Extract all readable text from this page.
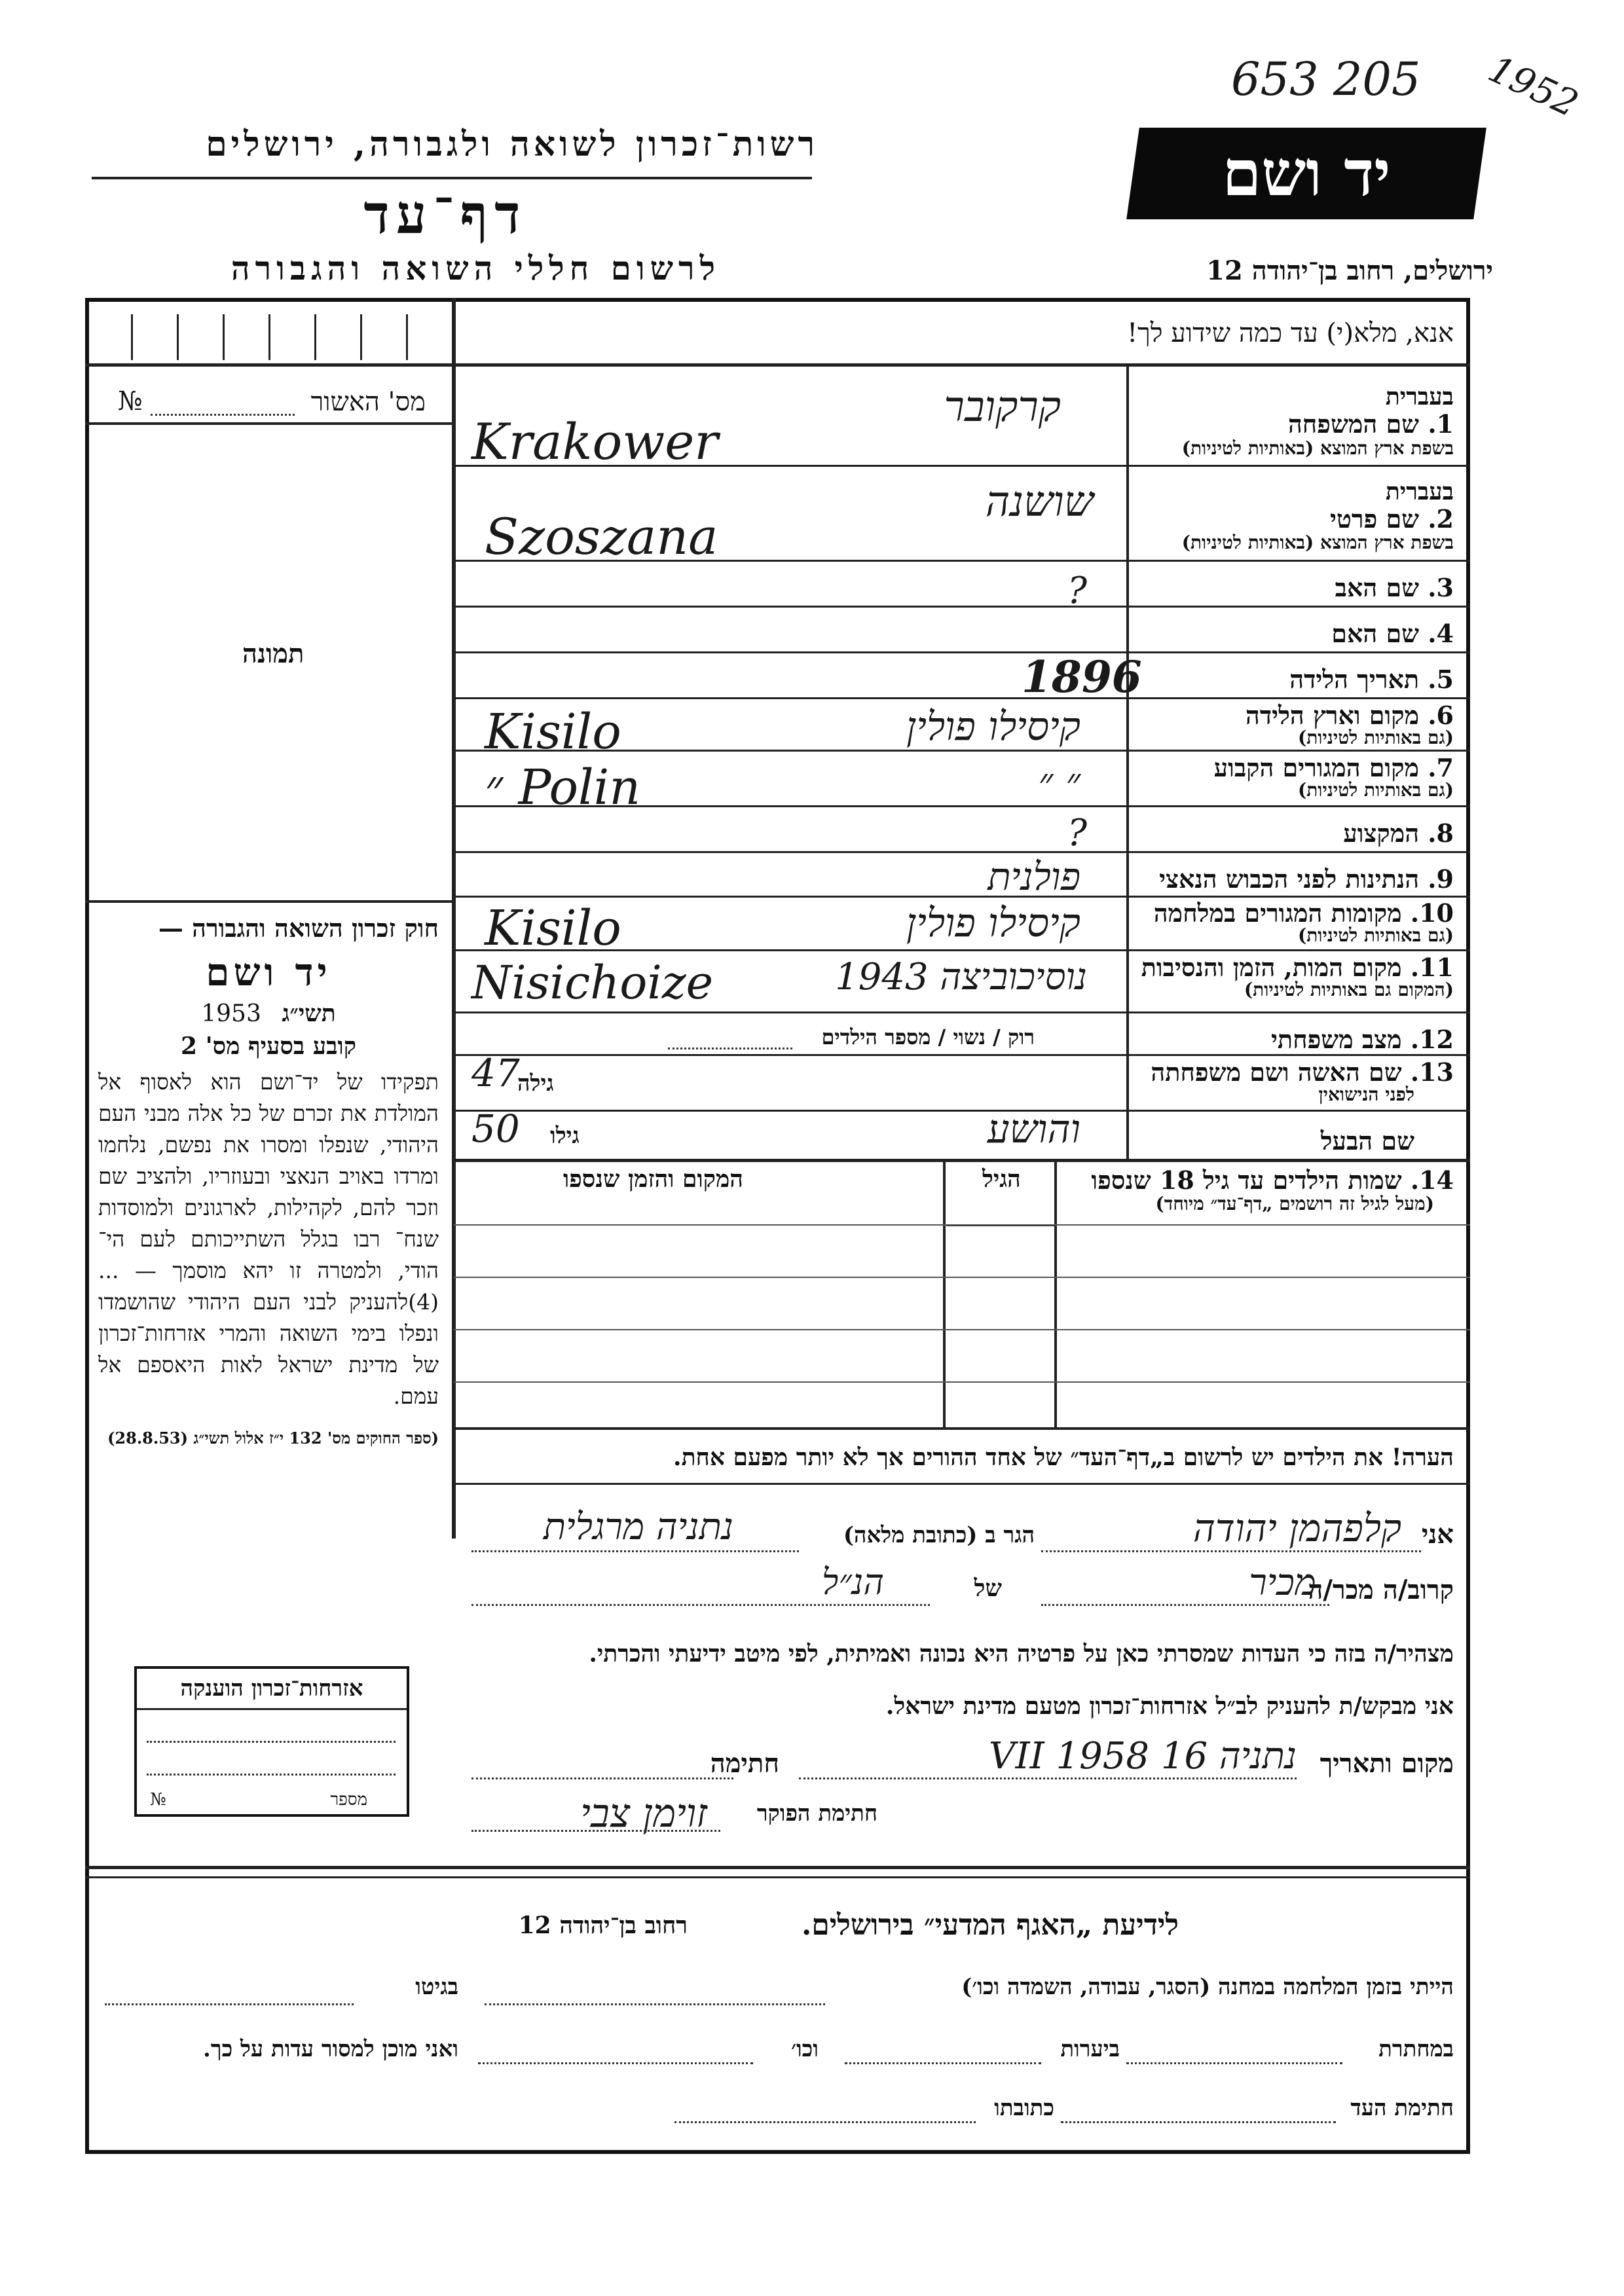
653 205 1952
רשות־זכרון לשואה ולגבורה, ירושלים
דף־עד
לרשום חללי השואה והגבורה
יד ושם
ירושלים, רחוב בן־יהודה 12
אנא, מלא(י) עד כמה שידוע לך!
מס' האשור
№
תמונה
חוק זכרון השואה והגבורה —
יד ושם
תשי״ג 1953
קובע בסעיף מס' 2
תפקידו של יד־ושם הוא לאסוף אל המולדת את זכרם של כל אלה מבני העם היהודי, שנפלו ומסרו את נפשם, נלחמו ומרדו באויב הנאצי ובעוזריו, ולהציב שם וזכר להם, לקהילות, לארגונים ולמוסדות שנח־ רבו בגלל השתייכותם לעם הי־ הודי, ולמטרה זו יהא מוסמך — ...(4)להעניק לבני העם היהודי שהושמדו ונפלו בימי השואה והמרי אזרחות־זכרון של מדינת ישראל לאות היאספם אל עמם.
(ספר החוקים מס' 132 י״ז אלול תשי״ג (28.8.53)
אזרחות־זכרון הוענקה
מספר
№
בעברית
1. שם המשפחה
בשפת ארץ המוצא (באותיות לטיניות)
בעברית
2. שם פרטי
בשפת ארץ המוצא (באותיות לטיניות)
3. שם האב
4. שם האם
5. תאריך הלידה
6. מקום וארץ הלידה
(גם באותיות לטיניות)
7. מקום המגורים הקבוע
(גם באותיות לטיניות)
8. המקצוע
9. הנתינות לפני הכבוש הנאצי
10. מקומות המגורים במלחמה
(גם באותיות לטיניות)
11. מקום המות, הזמן והנסיבות
(המקום גם באותיות לטיניות)
12. מצב משפחתי
13. שם האשה ושם משפחתה
לפני הנישואין
שם הבעל
קרקובר
Krakower
שושנה
Szoszana
?
1896
קיסילו פולין
Kisilo
״ ״
״ Polin
?
פולנית
קיסילו פולין
Kisilo
נוסיכוביצה 1943
Nisichoize
רוק / נשוי / מספר הילדים
47
גילה
50 גילו	והושע
14. שמות הילדים עד גיל 18 שנספו
(מעל לגיל זה רושמים „דף־עד״ מיוחד)
הגיל
המקום והזמן שנספו
הערה! את הילדים יש לרשום ב„דף־העד״ של אחד ההורים אך לא יותר מפעם אחת.
אני
קלפהמן יהודה
הגר ב (כתובת מלאה)
נתניה מרגלית
קרוב/ה מכר/ה
מכיר
של
הנ״ל
מצהיר/ה בזה כי העדות שמסרתי כאן על פרטיה היא נכונה ואמיתית, לפי מיטב ידיעתי והכרתי.
אני מבקש/ת להעניק לב״ל אזרחות־זכרון מטעם מדינת ישראל.
מקום ותאריך
נתניה 16 VII 1958
חתימה
חתימת הפוקר
זוימן צבי
לידיעת „האגף המדעי״ בירושלים.
רחוב בן־יהודה 12
הייתי בזמן המלחמה במחנה (הסגר, עבודה, השמדה וכו׳)
בגיטו
במחתרת
ביערות
וכו׳
ואני מוכן למסור עדות על כך.
חתימת העד
כתובתו
